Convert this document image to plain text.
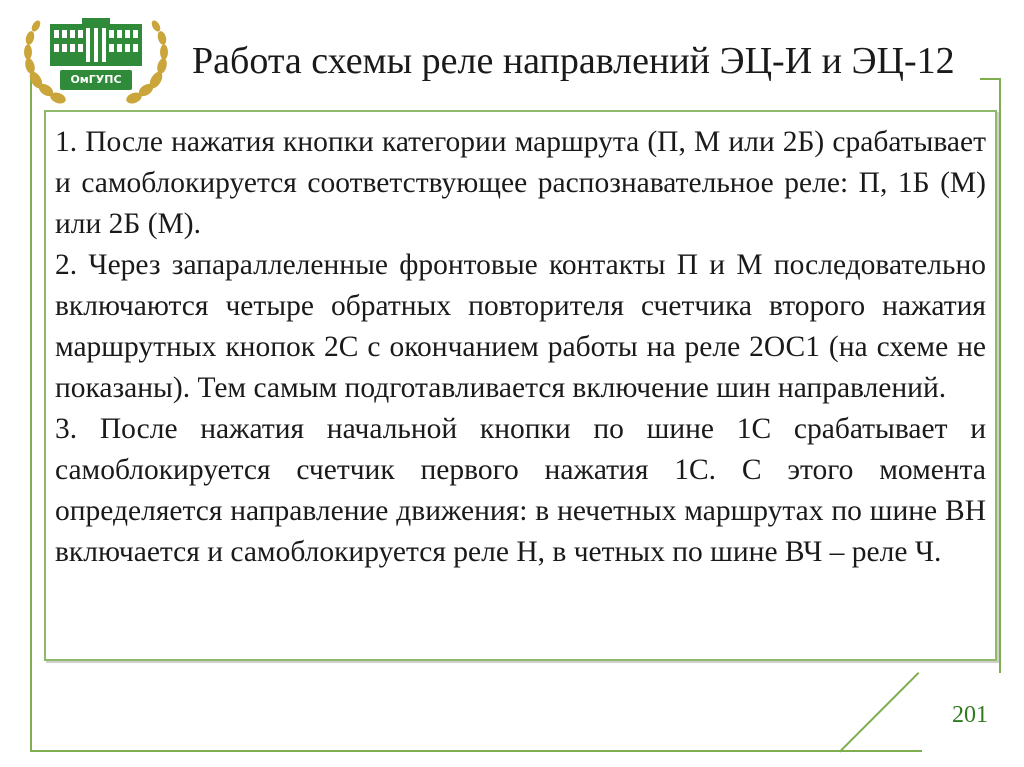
ОмГУПС Работа схемы реле направлений ЭЦ-И и ЭЦ-12

1. После нажатия кнопки категории маршрута (П, М или 2Б) срабатывает и самоблокируется соответствующее распознавательное реле: П, 1Б (М) или 2Б (М).

2. Через запараллеленные фронтовые контакты П и М последовательно включаются четыре обратных повторителя счетчика второго нажатия маршрутных кнопок 2С с окончанием работы на реле 2ОС1 (на схеме не показаны). Тем самым подготавливается включение шин направлений.

3. После нажатия начальной кнопки по шине 1С срабатывает и самоблокируется счетчик первого нажатия 1С. С этого момента определяется направление движения: в нечетных маршрутах по шине ВН включается и самоблокируется реле Н, в четных по шине ВЧ – реле Ч.

201
